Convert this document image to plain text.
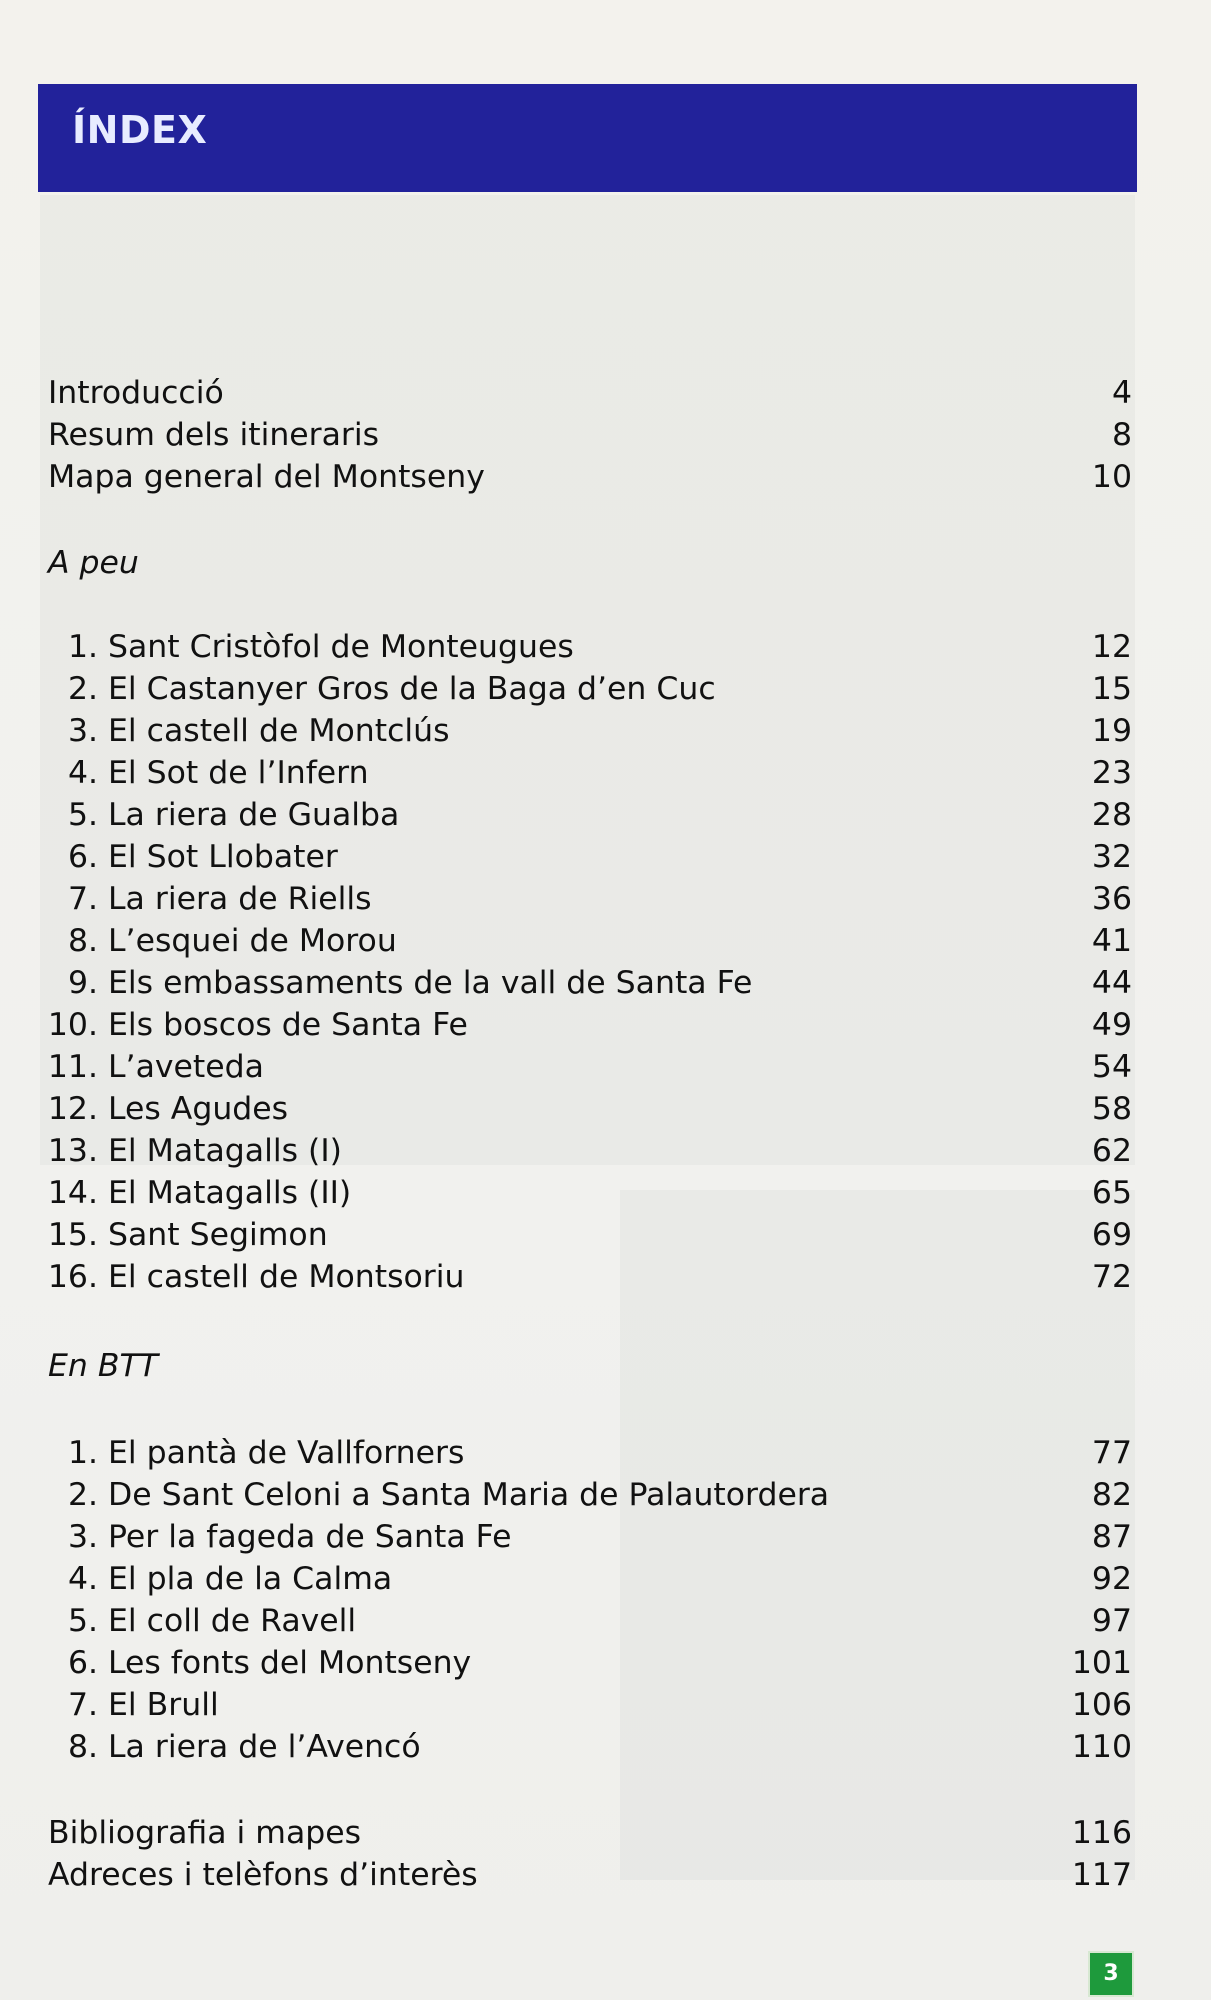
ÍNDEX
Introducció	4
Resum dels itineraris	8
Mapa general del Montseny	10
A peu
1. Sant Cristòfol de Monteugues	12
2. El Castanyer Gros de la Baga d’en Cuc	15
3. El castell de Montclús	19
4. El Sot de l’Infern	23
5. La riera de Gualba	28
6. El Sot Llobater	32
7. La riera de Riells	36
8. L’esquei de Morou	41
9. Els embassaments de la vall de Santa Fe	44
10. Els boscos de Santa Fe	49
11. L’aveteda	54
12. Les Agudes	58
13. El Matagalls (I)	62
14. El Matagalls (II)	65
15. Sant Segimon	69
16. El castell de Montsoriu	72
En BTT
1. El pantà de Vallforners	77
2. De Sant Celoni a Santa Maria de Palautordera	82
3. Per la fageda de Santa Fe	87
4. El pla de la Calma	92
5. El coll de Ravell	97
6. Les fonts del Montseny	101
7. El Brull	106
8. La riera de l’Avencó	110
Bibliografia i mapes	116
Adreces i telèfons d’interès	117
3
